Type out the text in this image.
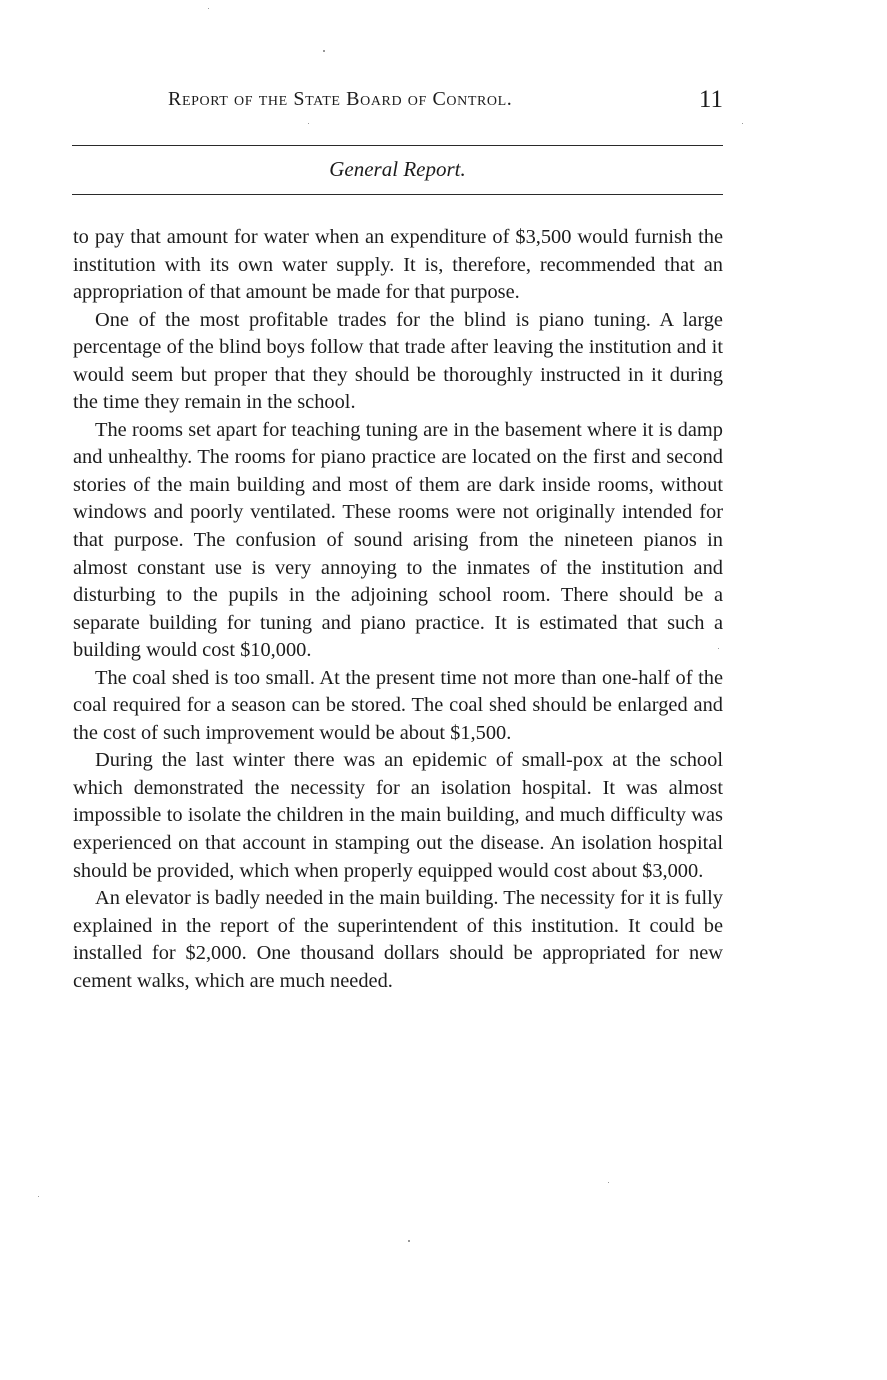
Report of the State Board of Control.	11
General Report.

to pay that amount for water when an expenditure of $3,500 would furnish the institution with its own water supply. It is, therefore, recommended that an appropriation of that amount be made for that purpose.

One of the most profitable trades for the blind is piano tuning. A large percentage of the blind boys follow that trade after leaving the institution and it would seem but proper that they should be thoroughly instructed in it during the time they remain in the school.

The rooms set apart for teaching tuning are in the basement where it is damp and unhealthy. The rooms for piano practice are located on the first and second stories of the main building and most of them are dark inside rooms, without windows and poorly ventilated. These rooms were not originally intended for that purpose. The confusion of sound arising from the nineteen pianos in almost constant use is very annoying to the inmates of the institution and disturbing to the pupils in the adjoining school room. There should be a separate building for tuning and piano practice. It is estimated that such a building would cost $10,000.

The coal shed is too small. At the present time not more than one-half of the coal required for a season can be stored. The coal shed should be enlarged and the cost of such improvement would be about $1,500.

During the last winter there was an epidemic of small-pox at the school which demonstrated the necessity for an isolation hospital. It was almost impossible to isolate the children in the main building, and much difficulty was experienced on that account in stamping out the disease. An isolation hospital should be provided, which when properly equipped would cost about $3,000.

An elevator is badly needed in the main building. The necessity for it is fully explained in the report of the superintendent of this institution. It could be installed for $2,000. One thousand dollars should be appropriated for new cement walks, which are much needed.
